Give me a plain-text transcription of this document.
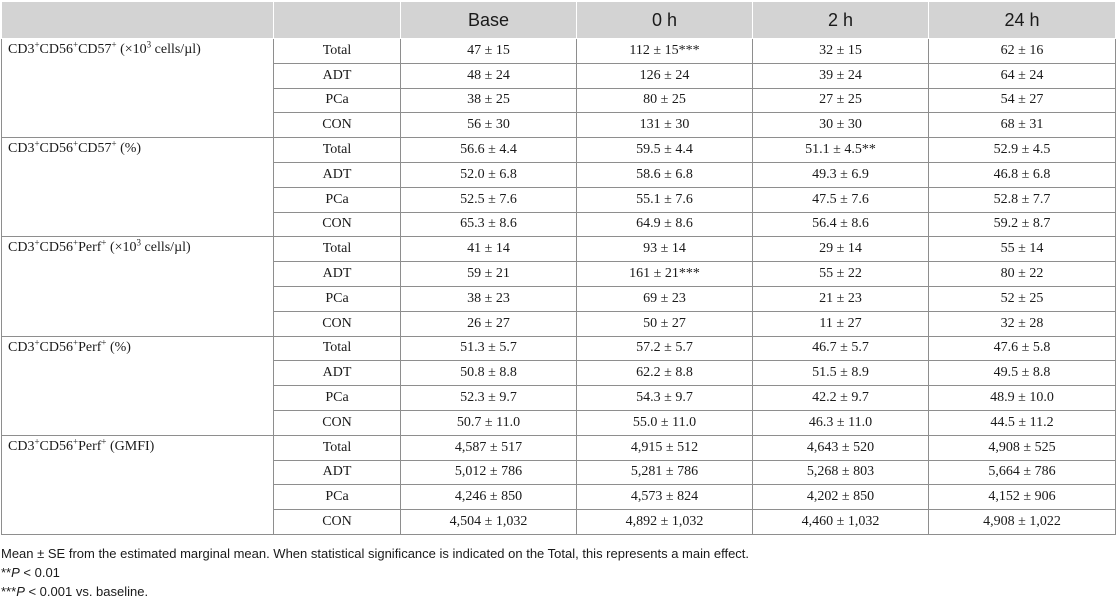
		Base	0 h	2 h	24 h
CD3+CD56+CD57+ ($\times 10^3$ cells/µl)	Total	47 ± 15	112 ± 15***	32 ± 15	62 ± 16
	ADT	48 ± 24	126 ± 24	39 ± 24	64 ± 24
	PCa	38 ± 25	80 ± 25	27 ± 25	54 ± 27
	CON	56 ± 30	131 ± 30	30 ± 30	68 ± 31
CD3+CD56+CD57+ (%)	Total	56.6 ± 4.4	59.5 ± 4.4	51.1 ± 4.5**	52.9 ± 4.5
	ADT	52.0 ± 6.8	58.6 ± 6.8	49.3 ± 6.9	46.8 ± 6.8
	PCa	52.5 ± 7.6	55.1 ± 7.6	47.5 ± 7.6	52.8 ± 7.7
	CON	65.3 ± 8.6	64.9 ± 8.6	56.4 ± 8.6	59.2 ± 8.7
CD3+CD56+Perf+ ($\times 10^3$ cells/µl)	Total	41 ± 14	93 ± 14	29 ± 14	55 ± 14
	ADT	59 ± 21	161 ± 21***	55 ± 22	80 ± 22
	PCa	38 ± 23	69 ± 23	21 ± 23	52 ± 25
	CON	26 ± 27	50 ± 27	11 ± 27	32 ± 28
CD3+CD56+Perf+ (%)	Total	51.3 ± 5.7	57.2 ± 5.7	46.7 ± 5.7	47.6 ± 5.8
	ADT	50.8 ± 8.8	62.2 ± 8.8	51.5 ± 8.9	49.5 ± 8.8
	PCa	52.3 ± 9.7	54.3 ± 9.7	42.2 ± 9.7	48.9 ± 10.0
	CON	50.7 ± 11.0	55.0 ± 11.0	46.3 ± 11.0	44.5 ± 11.2
CD3+CD56+Perf+ (GMFI)	Total	4,587 ± 517	4,915 ± 512	4,643 ± 520	4,908 ± 525
	ADT	5,012 ± 786	5,281 ± 786	5,268 ± 803	5,664 ± 786
	PCa	4,246 ± 850	4,573 ± 824	4,202 ± 850	4,152 ± 906
	CON	4,504 ± 1,032	4,892 ± 1,032	4,460 ± 1,032	4,908 ± 1,022
Mean ± SE from the estimated marginal mean. When statistical significance is indicated on the Total, this represents a main effect.
**P < 0.01
***P < 0.001 vs. baseline.
